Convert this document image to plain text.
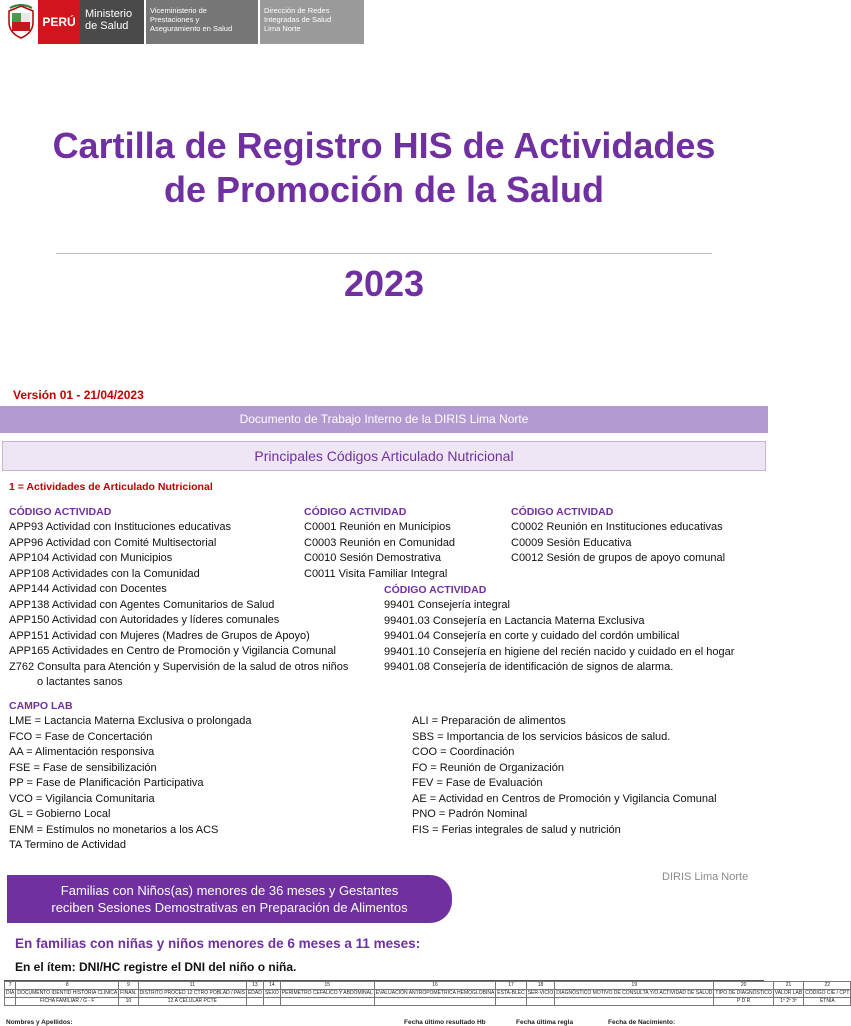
PERÚ
Ministerio
de Salud
Viceministerio de
Prestaciones y
Aseguramiento en Salud
Dirección de Redes
Integradas de Salud
Lima Norte
Cartilla de Registro HIS de Actividades
de Promoción de la Salud
2023
Versión 01 - 21/04/2023
Documento de Trabajo Interno de la DIRIS Lima Norte
Principales Códigos Articulado Nutricional
1 = Actividades de Articulado Nutricional
CÓDIGO ACTIVIDAD	CÓDIGO ACTIVIDAD	CÓDIGO ACTIVIDAD
CÓDIGO ACTIVIDAD
APP93 Actividad con Instituciones educativas
APP96 Actividad con Comité Multisectorial
APP104 Actividad con Municipios
APP108 Actividades con la Comunidad
APP144 Actividad con Docentes
APP138 Actividad con Agentes Comunitarios de Salud
APP150 Actividad con Autoridades y líderes comunales
APP151 Actividad con Mujeres (Madres de Grupos de Apoyo)
APP165 Actividades en Centro de Promoción y Vigilancia Comunal
Z762 Consulta para Atención y Supervisión de la salud de otros niños
o lactantes sanos
C0001 Reunión en Municipios
C0003 Reunión en Comunidad
C0010 Sesión Demostrativa
C0011 Visita Familiar Integral
C0002 Reunión en Instituciones educativas
C0009 Sesión Educativa
C0012 Sesión de grupos de apoyo comunal
99401 Consejería integral
99401.03 Consejería en Lactancia Materna Exclusiva
99401.04 Consejería en corte y cuidado del cordón umbilical
99401.10 Consejería en higiene del recién nacido y cuidado en el hogar
99401.08 Consejería de identificación de signos de alarma.
CAMPO LAB
LME = Lactancia Materna Exclusiva o prolongada
FCO = Fase de Concertación
AA = Alimentación responsiva
FSE = Fase de sensibilización
PP = Fase de Planificación Participativa
VCO = Vigilancia Comunitaria
GL = Gobierno Local
ENM = Estímulos no monetarios a los ACS
TA Termino de Actividad
ALI = Preparación de alimentos
SBS = Importancia de los servicios básicos de salud.
COO = Coordinación
FO = Reunión de Organización
FEV = Fase de Evaluación
AE = Actividad en Centros de Promoción y Vigilancia Comunal
PNO = Padrón Nominal
FIS = Ferias integrales de salud y nutrición
Familias con Niños(as) menores de 36 meses y Gestantes
reciben Sesiones Demostrativas en Preparación de Alimentos
DIRIS Lima Norte
En familias con niñas y niños menores de 6 meses a 11 meses:
En el ítem: DNI/HC registre el DNI del niño o niña.
7	8	9	11	13	14	15	16	17	18	19	20	21	22
DIA	DOCUMENTO IDENTID HISTORIA CLINICA	FINAN.	DISTRITO PROCED 12 CTRO POBLAD / PAÍS	EDAD	SEXO	PERIMETRO CEFALICO Y ABDOMINAL	EVALUACIÓN ANTROPOMÉTRICA HEMOGLOBINA	ESTA-BLEC	SER-VICIO	DIAGNÓSTICO MOTIVO DE CONSULTA Y/O ACTIVIDAD DE SALUD	TIPO DE DIAGNÓSTICO	VALOR LAB	CÓDIGO CIE / CPT
	FICHA FAMILIAR / G - F	10	12.A CELULAR PCTE								P D R	1º 2º 3º	ETNIA
Nombres y Apellidos:	Fecha último resultado Hb	Fecha última regla	Fecha de Nacimiento:
